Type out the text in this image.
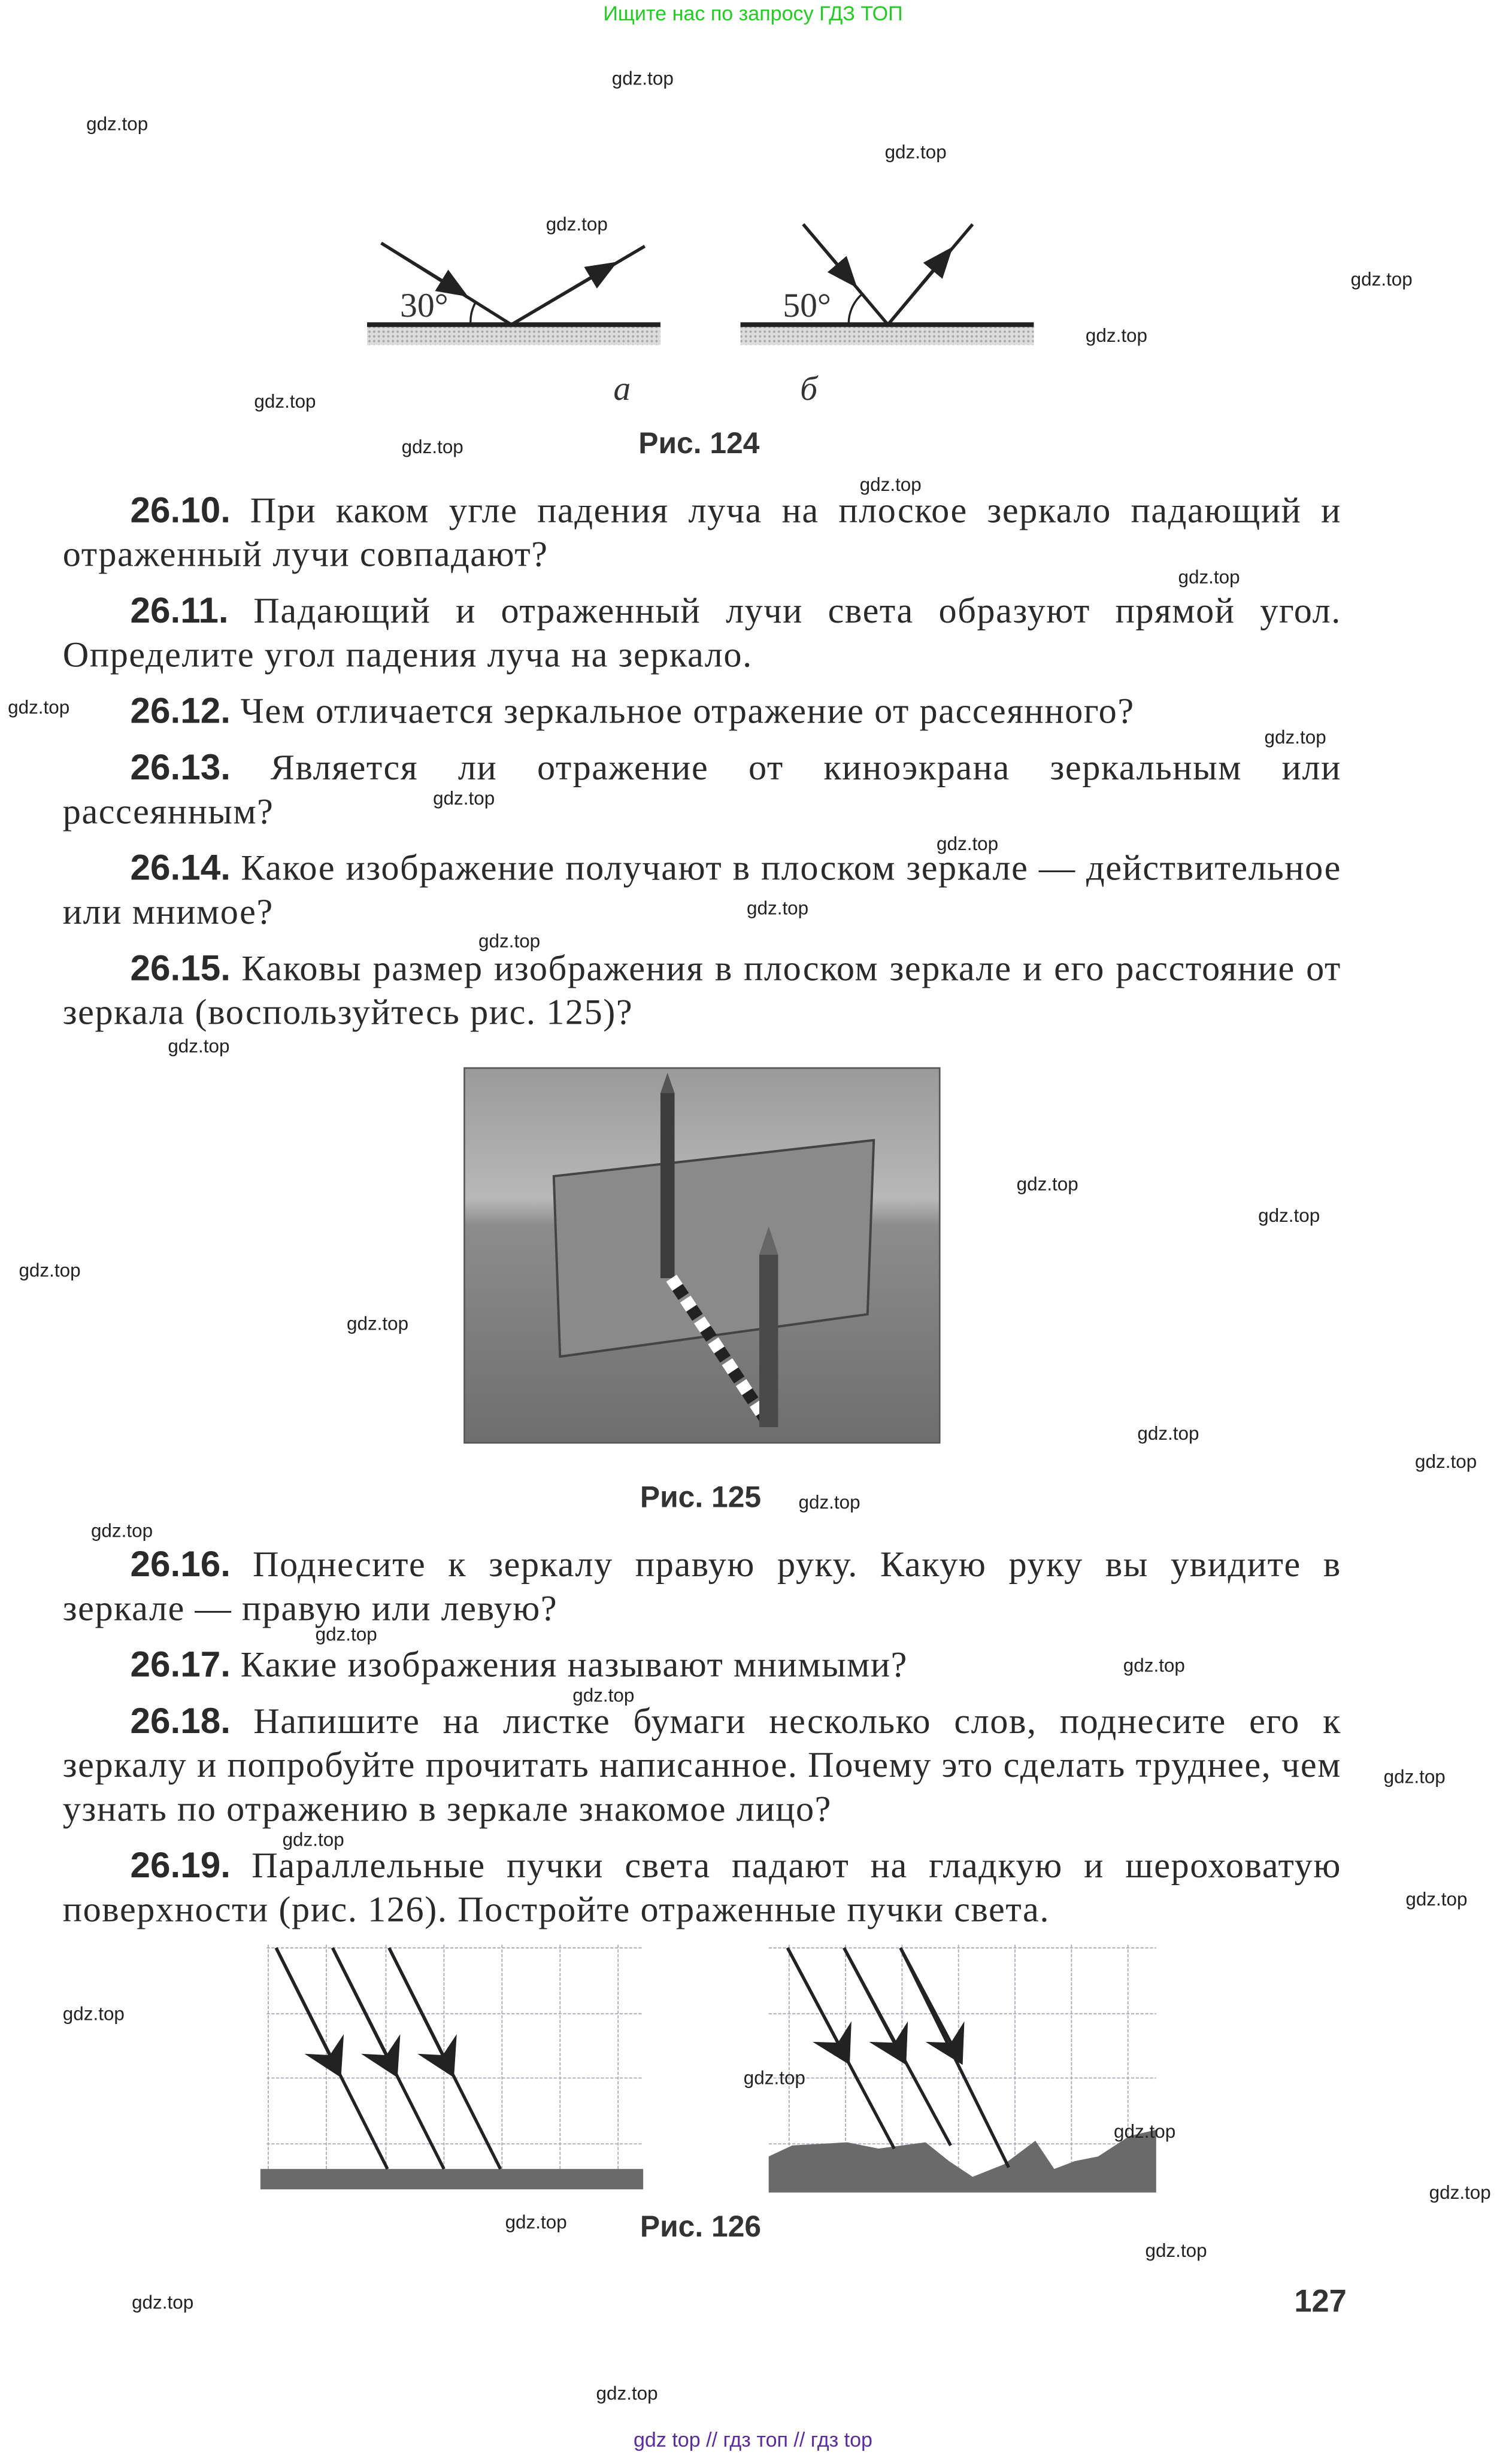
Ищите нас по запросу ГДЗ ТОП
30°	50°
а	б
Рис. 124
26.10. При каком угле падения луча на плоское зеркало падающий и отраженный лучи совпадают?
26.11. Падающий и отраженный лучи света образуют прямой угол. Определите угол падения луча на зеркало.
26.12. Чем отличается зеркальное отражение от рассеянного?
26.13. Является ли отражение от киноэкрана зеркальным или рассеянным?
26.14. Какое изображение получают в плоском зеркале — действительное или мнимое?
26.15. Каковы размер изображения в плоском зеркале и его расстояние от зеркала (воспользуйтесь рис. 125)?
Рис. 125
26.16. Поднесите к зеркалу правую руку. Какую руку вы увидите в зеркале — правую или левую?
26.17. Какие изображения называют мнимыми?
26.18. Напишите на листке бумаги несколько слов, поднесите его к зеркалу и попробуйте прочитать написанное. Почему это сделать труднее, чем узнать по отражению в зеркале знакомое лицо?
26.19. Параллельные пучки света падают на гладкую и шероховатую поверхности (рис. 126). Постройте отраженные пучки света.
Рис. 126
127
gdz.top
gdz.top
gdz.top
gdz.top
gdz.top
gdz.top
gdz.top
gdz.top
gdz.top
gdz.top
gdz.top
gdz.top
gdz.top
gdz.top
gdz.top
gdz.top
gdz.top
gdz.top
gdz.top
gdz.top
gdz.top
gdz.top
gdz.top
gdz.top
gdz.top
gdz.top
gdz.top
gdz.top
gdz.top
gdz.top
gdz.top
gdz.top
gdz.top
gdz.top
gdz.top
gdz.top
gdz.top
gdz.top
gdz.top
gdz top // гдз топ // гдз top
